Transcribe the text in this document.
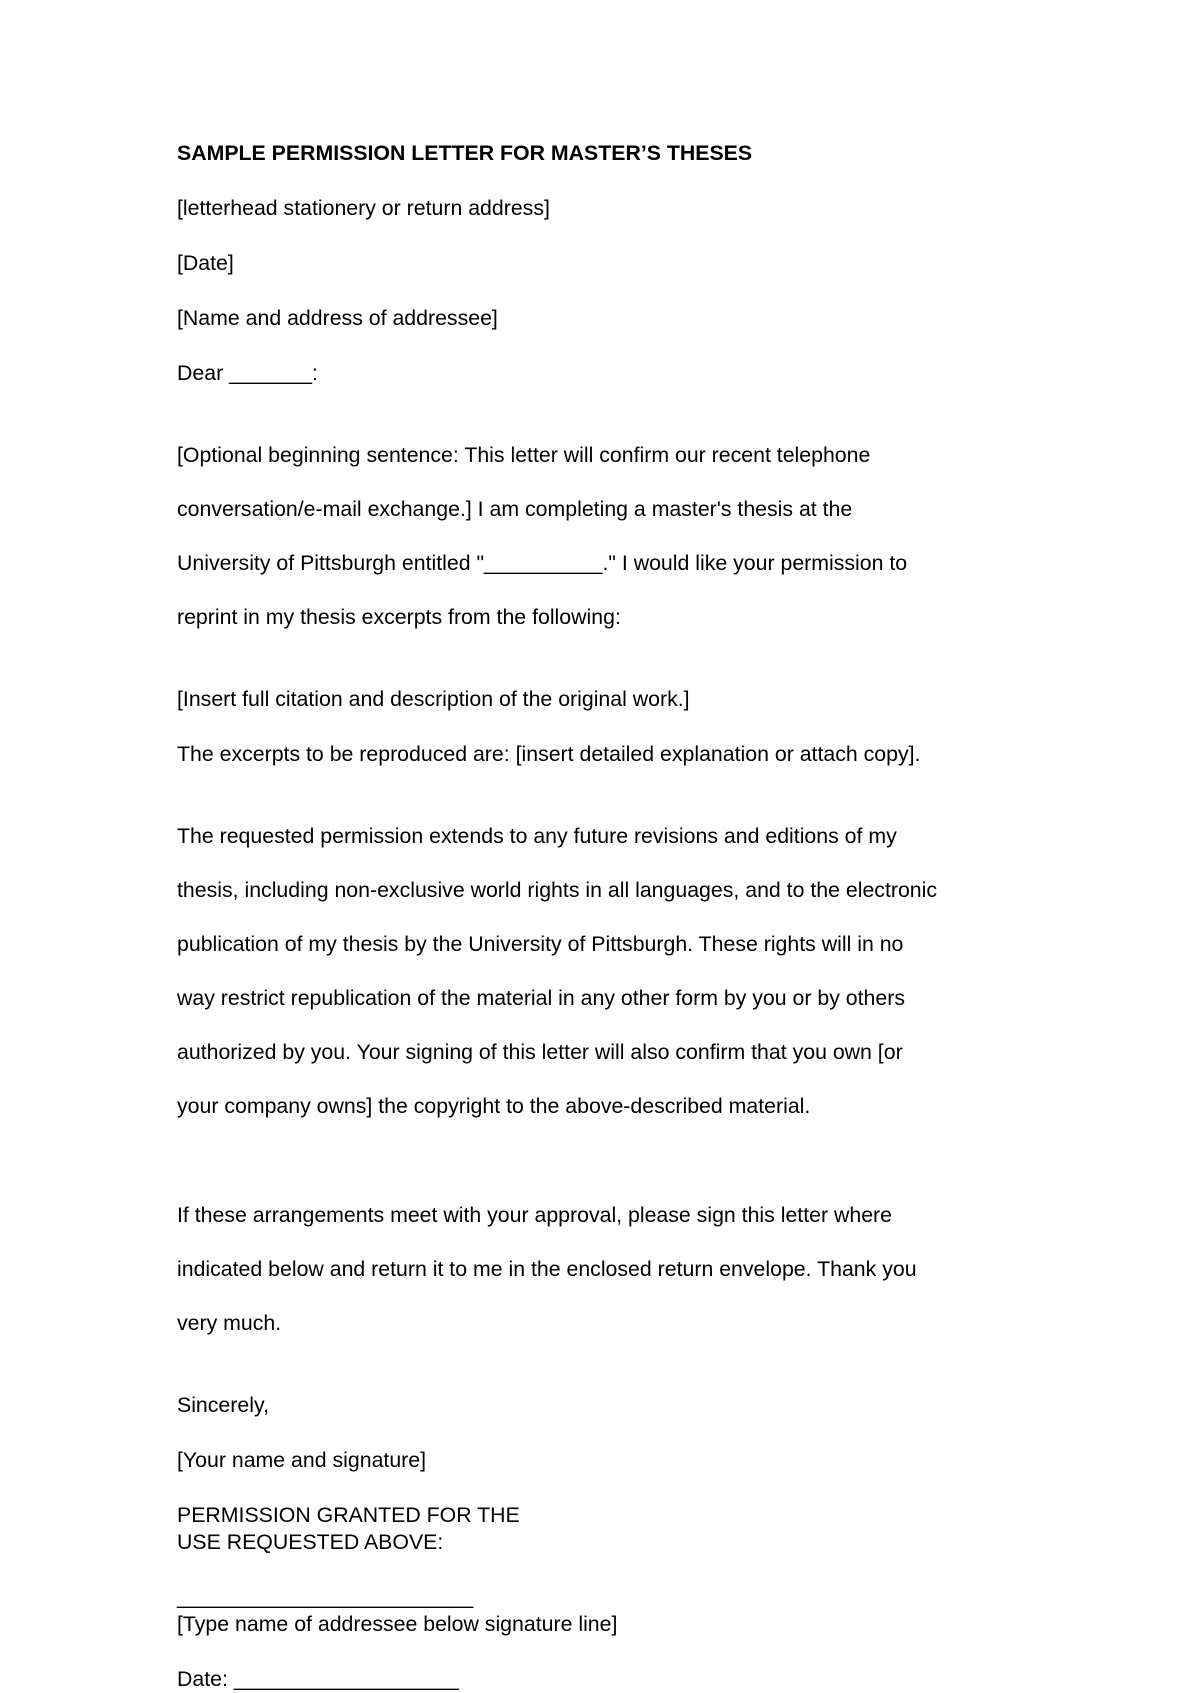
SAMPLE PERMISSION LETTER FOR MASTER’S THESES
[letterhead stationery or return address]
[Date]
[Name and address of addressee]
Dear _______:

[Optional beginning sentence: This letter will confirm our recent telephone

conversation/e-mail exchange.] I am completing a master's thesis at the

University of Pittsburgh entitled "__________." I would like your permission to

reprint in my thesis excerpts from the following:

[Insert full citation and description of the original work.]
The excerpts to be reproduced are: [insert detailed explanation or attach copy].

The requested permission extends to any future revisions and editions of my

thesis, including non-exclusive world rights in all languages, and to the electronic

publication of my thesis by the University of Pittsburgh. These rights will in no

way restrict republication of the material in any other form by you or by others

authorized by you. Your signing of this letter will also confirm that you own [or

your company owns] the copyright to the above-described material.

If these arrangements meet with your approval, please sign this letter where

indicated below and return it to me in the enclosed return envelope. Thank you

very much.

Sincerely,
[Your name and signature]
PERMISSION GRANTED FOR THE
USE REQUESTED ABOVE:
_________________________
[Type name of addressee below signature line]
Date: ___________________
